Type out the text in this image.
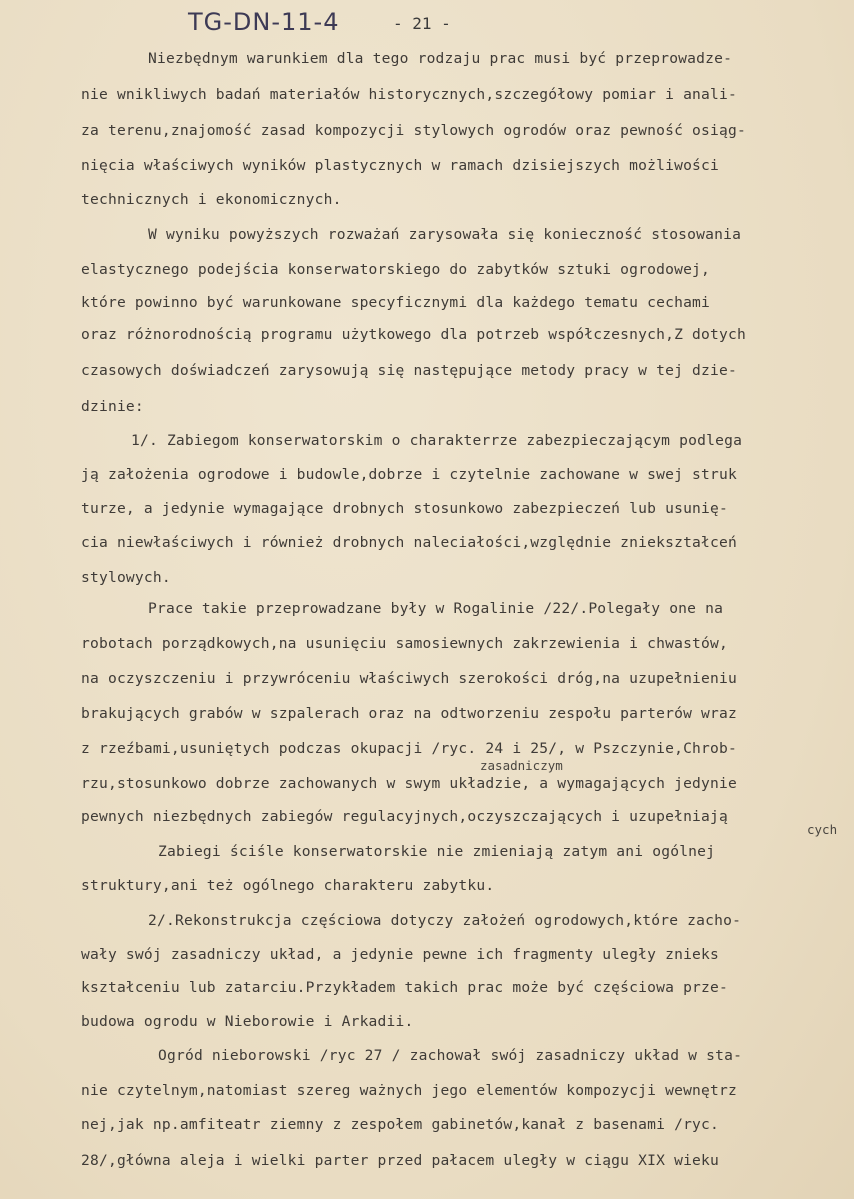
TG-DN-11-4	- 21 -
Niezbędnym warunkiem dla tego rodzaju prac musi być przeprowadze-
nie wnikliwych badań materiałów historycznych,szczegółowy pomiar i anali-
za terenu,znajomość zasad kompozycji stylowych ogrodów oraz pewność osiąg-
nięcia właściwych wyników plastycznych w ramach dzisiejszych możliwości
technicznych i ekonomicznych.
W wyniku powyższych rozważań zarysowała się konieczność stosowania
elastycznego podejścia konserwatorskiego do zabytków sztuki ogrodowej,
które powinno być warunkowane specyficznymi dla każdego tematu cechami
oraz różnorodnością programu użytkowego dla potrzeb współczesnych,Z dotych
czasowych doświadczeń zarysowują się następujące metody pracy w tej dzie-
dzinie:
1/. Zabiegom konserwatorskim o charakterrze zabezpieczającym podlega
ją założenia ogrodowe i budowle,dobrze i czytelnie zachowane w swej struk
turze, a jedynie wymagające drobnych stosunkowo zabezpieczeń lub usunię-
cia niewłaściwych i również drobnych naleciałości,względnie zniekształceń
stylowych.
Prace takie przeprowadzane były w Rogalinie /22/.Polegały one na
robotach porządkowych,na usunięciu samosiewnych zakrzewienia i chwastów,
na oczyszczeniu i przywróceniu właściwych szerokości dróg,na uzupełnieniu
brakujących grabów w szpalerach oraz na odtworzeniu zespołu parterów wraz
z rzeźbami,usuniętych podczas okupacji /ryc. 24 i 25/, w Pszczynie,Chrob-
zasadniczym
rzu,stosunkowo dobrze zachowanych w swym układzie, a wymagających jedynie
pewnych niezbędnych zabiegów regulacyjnych,oczyszczających i uzupełniają
cych
Zabiegi ściśle konserwatorskie nie zmieniają zatym ani ogólnej
struktury,ani też ogólnego charakteru zabytku.
2/.Rekonstrukcja częściowa dotyczy założeń ogrodowych,które zacho-
wały swój zasadniczy układ, a jedynie pewne ich fragmenty uległy znieks
kształceniu lub zatarciu.Przykładem takich prac może być częściowa prze-
budowa ogrodu w Nieborowie i Arkadii.
Ogród nieborowski /ryc 27 / zachował swój zasadniczy układ w sta-
nie czytelnym,natomiast szereg ważnych jego elementów kompozycji wewnętrz
nej,jak np.amfiteatr ziemny z zespołem gabinetów,kanał z basenami /ryc.
28/,główna aleja i wielki parter przed pałacem uległy w ciągu XIX wieku
